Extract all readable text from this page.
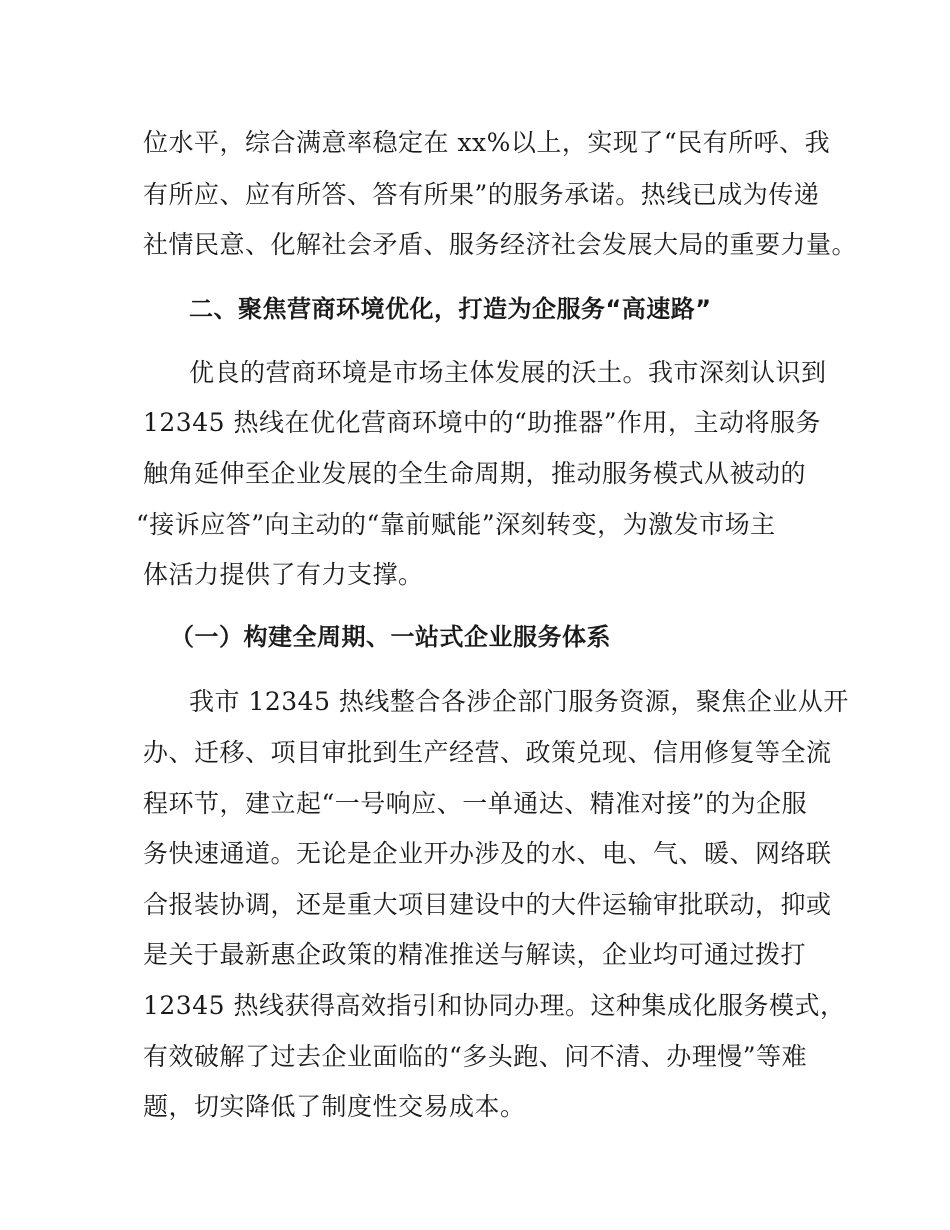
位水平，综合满意率稳定在 xx%以上，实现了“民有所呼、我
有所应、应有所答、答有所果”的服务承诺。热线已成为传递
社情民意、化解社会矛盾、服务经济社会发展大局的重要力量。
二、聚焦营商环境优化，打造为企服务“高速路”
优良的营商环境是市场主体发展的沃土。我市深刻认识到
12345 热线在优化营商环境中的“助推器”作用，主动将服务
触角延伸至企业发展的全生命周期，推动服务模式从被动的
“接诉应答”向主动的“靠前赋能”深刻转变，为激发市场主
体活力提供了有力支撑。
（一）构建全周期、一站式企业服务体系
我市 12345 热线整合各涉企部门服务资源，聚焦企业从开
办、迁移、项目审批到生产经营、政策兑现、信用修复等全流
程环节，建立起“一号响应、一单通达、精准对接”的为企服
务快速通道。无论是企业开办涉及的水、电、气、暖、网络联
合报装协调，还是重大项目建设中的大件运输审批联动，抑或
是关于最新惠企政策的精准推送与解读，企业均可通过拨打
12345 热线获得高效指引和协同办理。这种集成化服务模式，
有效破解了过去企业面临的“多头跑、问不清、办理慢”等难
题，切实降低了制度性交易成本。
